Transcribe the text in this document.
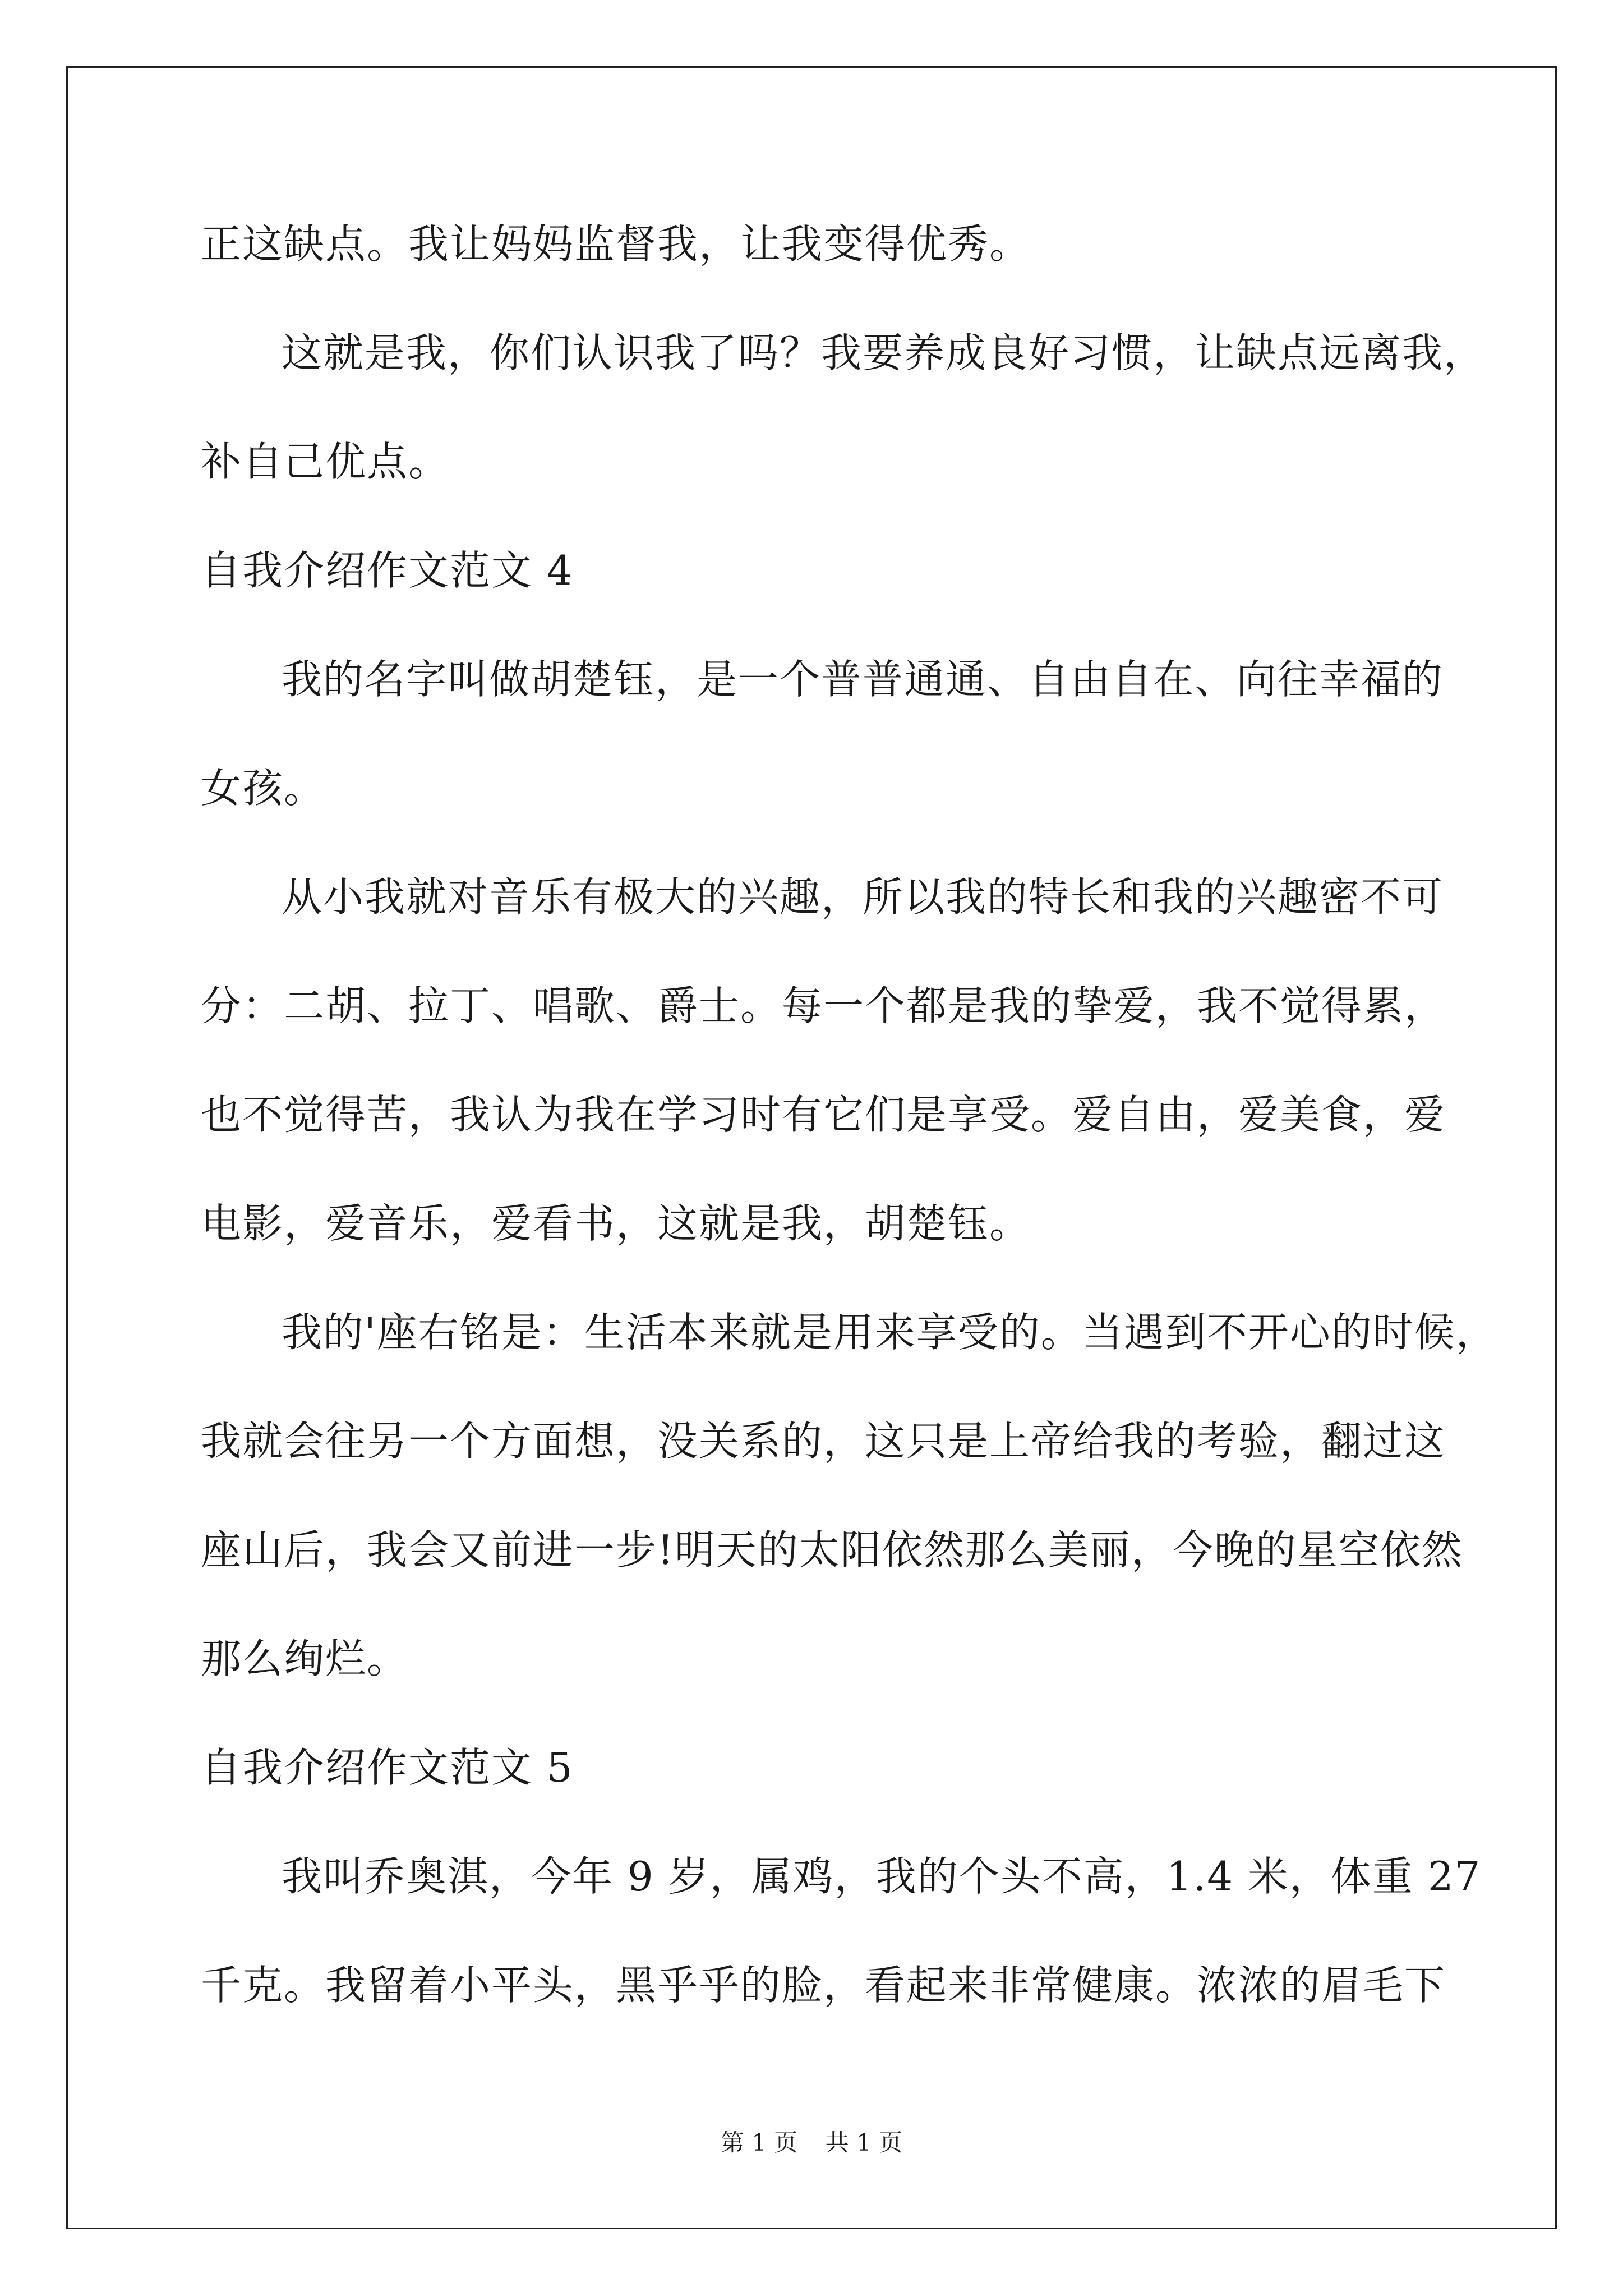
正这缺点。我让妈妈监督我，让我变得优秀。
这就是我，你们认识我了吗？我要养成良好习惯，让缺点远离我，
补自己优点。
自我介绍作文范文 4
我的名字叫做胡楚钰，是一个普普通通、自由自在、向往幸福的
女孩。
从小我就对音乐有极大的兴趣，所以我的特长和我的兴趣密不可
分：二胡、拉丁、唱歌、爵士。每一个都是我的挚爱，我不觉得累，
也不觉得苦，我认为我在学习时有它们是享受。爱自由，爱美食，爱
电影，爱音乐，爱看书，这就是我，胡楚钰。
我的'座右铭是：生活本来就是用来享受的。当遇到不开心的时候，
我就会往另一个方面想，没关系的，这只是上帝给我的考验，翻过这
座山后，我会又前进一步!明天的太阳依然那么美丽，今晚的星空依然
那么绚烂。
自我介绍作文范文 5
我叫乔奥淇，今年 9 岁，属鸡，我的个头不高，1.4 米，体重 27
千克。我留着小平头，黑乎乎的脸，看起来非常健康。浓浓的眉毛下
第 1 页 共 1 页
